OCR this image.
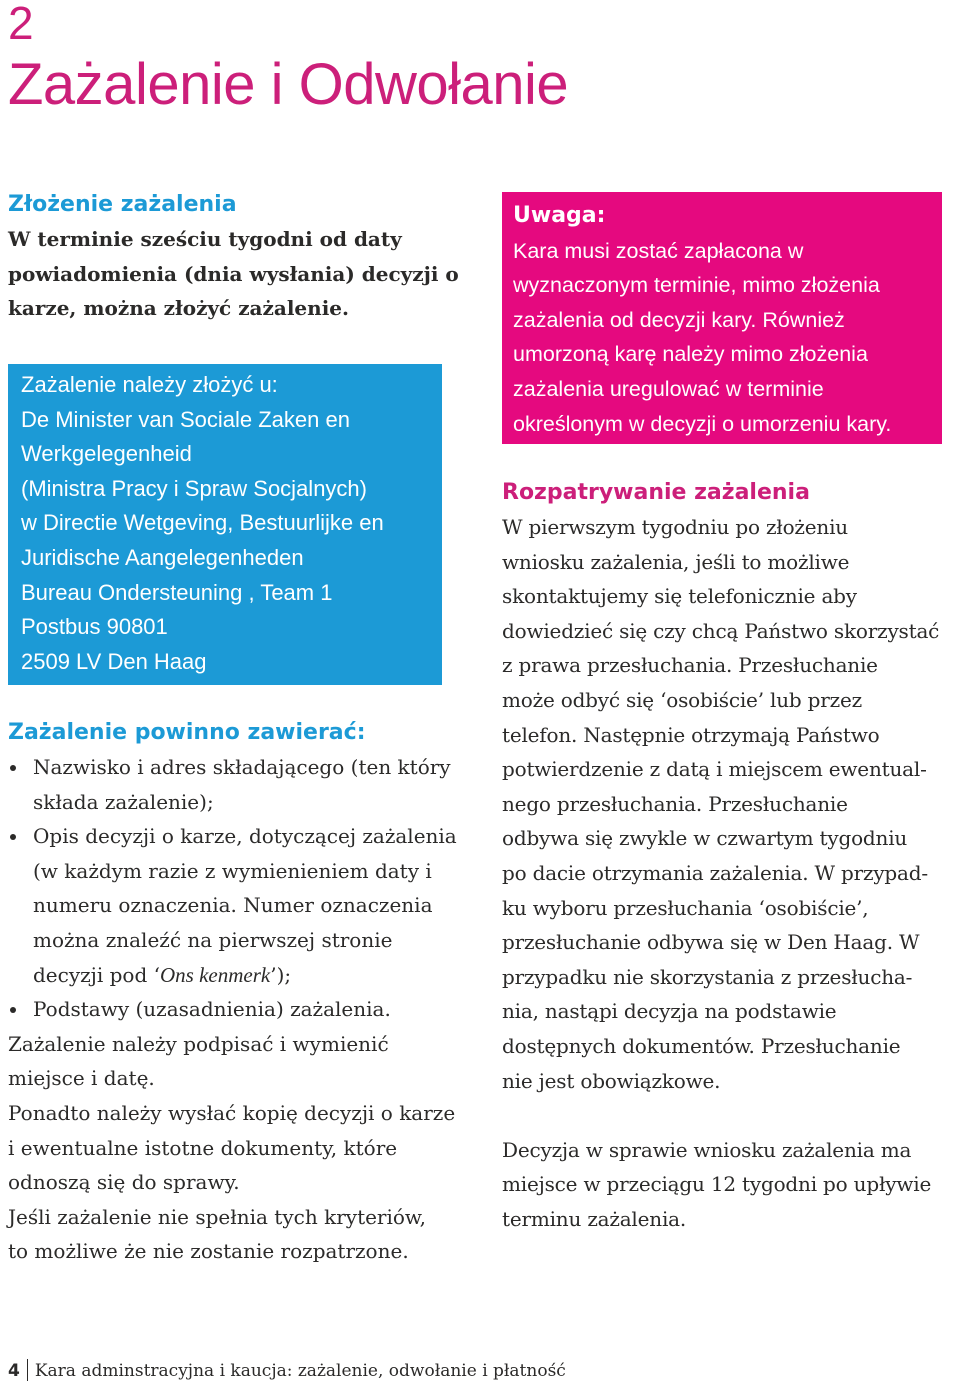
2
Zażalenie i Odwołanie
Złożenie zażalenia

W terminie sześciu tygodni od daty

powiadomienia (dnia wysłania) decyzji o

karze, można złożyć zażalenie.

Zażalenie należy złożyć u:
De Minister van Sociale Zaken en
Werkgelegenheid
(Ministra Pracy i Spraw Socjalnych)
w Directie Wetgeving, Bestuurlijke en
Juridische Aangelegenheden
Bureau Ondersteuning , Team 1
Postbus 90801
2509 LV Den Haag
Zażalenie powinno zawierać:
Nazwisko i adres składającego (ten który
składa zażalenie);
Opis decyzji o karze, dotyczącej zażalenia
(w każdym razie z wymienieniem daty i
numeru oznaczenia. Numer oznaczenia
można znaleźć na pierwszej stronie
decyzji pod ‘Ons kenmerk’);
Podstawy (uzasadnienia) zażalenia.

Zażalenie należy podpisać i wymienić

miejsce i datę.

Ponadto należy wysłać kopię decyzji o karze

i ewentualne istotne dokumenty, które

odnoszą się do sprawy.

Jeśli zażalenie nie spełnia tych kryteriów,

to możliwe że nie zostanie rozpatrzone.

Uwaga:
Kara musi zostać zapłacona w
wyznaczonym terminie, mimo złożenia
zażalenia od decyzji kary. Również
umorzoną karę należy mimo złożenia
zażalenia uregulować w terminie
określonym w decyzji o umorzeniu kary.
Rozpatrywanie zażalenia

W pierwszym tygodniu po złożeniu

wniosku zażalenia, jeśli to możliwe

skontaktujemy się telefonicznie aby

dowiedzieć się czy chcą Państwo skorzystać

z prawa przesłuchania. Przesłuchanie

może odbyć się ‘osobiście’ lub przez

telefon. Następnie otrzymają Państwo

potwierdzenie z datą i miejscem ewentual-

nego przesłuchania. Przesłuchanie

odbywa się zwykle w czwartym tygodniu

po dacie otrzymania zażalenia. W przypad-

ku wyboru przesłuchania ‘osobiście’,

przesłuchanie odbywa się w Den Haag. W

przypadku nie skorzystania z przesłucha-

nia, nastąpi decyzja na podstawie

dostępnych dokumentów. Przesłuchanie

nie jest obowiązkowe.

Decyzja w sprawie wniosku zażalenia ma

miejsce w przeciągu 12 tygodni po upływie

terminu zażalenia.

4 Kara adminstracyjna i kaucja: zażalenie, odwołanie i płatność
